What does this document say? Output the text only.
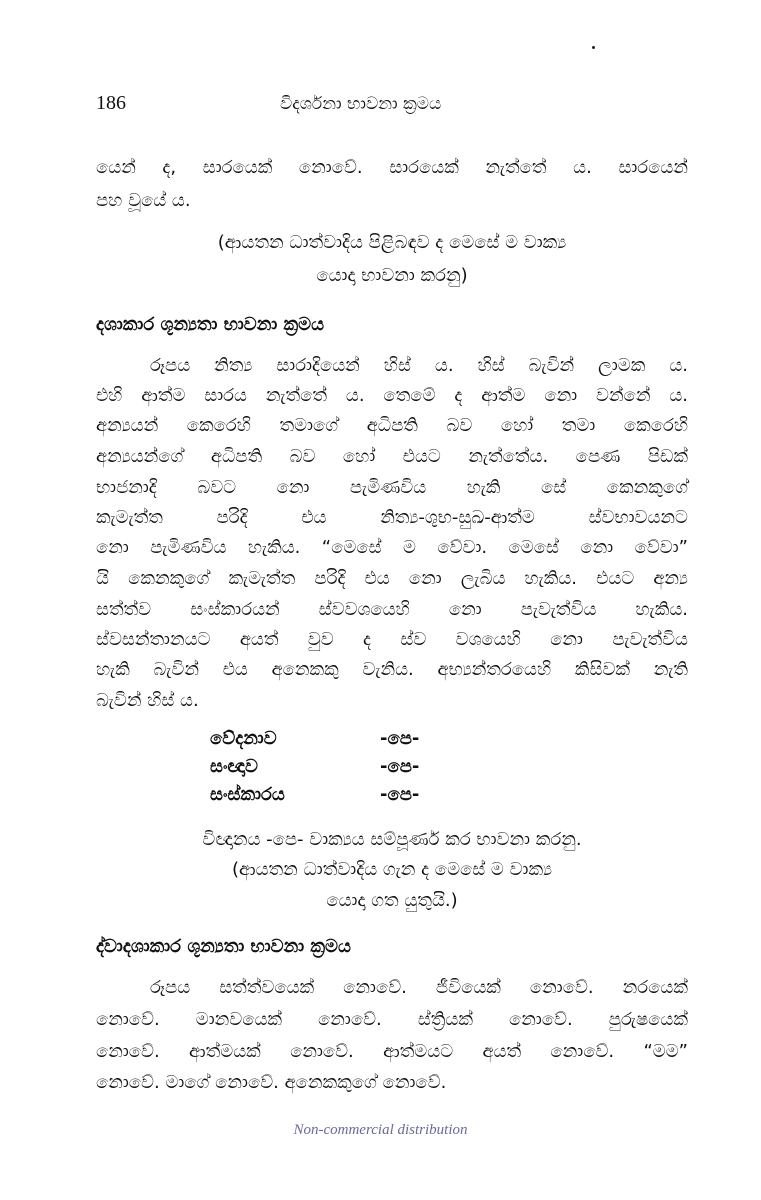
186	විදර්ශනා භාවනා ක්‍රමය
යෙන් ද, සාරයෙක් නොවේ. සාරයෙක් නැත්තේ ය. සාරයෙන්
පහ වූයේ ය.
(ආයතන ධාත්වාදිය පිළිබඳව ද මෙසේ ම වාක්‍ය
යොදා භාවනා කරනු)
දශාකාර ශූන්‍යතා භාවනා ක්‍රමය
රූපය නිත්‍ය සාරාදියෙන් හිස් ය. හිස් බැවින් ලාමක ය.
එහි ආත්ම සාරය නැත්තේ ය. තෙමේ ද ආත්ම නො වන්නේ ය.
අන්‍යයන් කෙරෙහි තමාගේ අධිපති බව හෝ තමා කෙරෙහි
අන්‍යයන්ගේ අධිපති බව හෝ එයට නැත්තේය. පෙණ පිඩක්
භාජනාදි බවට නො පැමිණවිය හැකි සේ කෙනකුගේ
කැමැත්ත පරිදි එය නිත්‍ය-ශුභ-සුඛ-ආත්ම ස්වභාවයනට
නො පැමිණවිය හැකිය. “මෙසේ ම වේවා. මෙසේ නො වේවා”
යි කෙනකුගේ කැමැත්ත පරිදි එය නො ලැබිය හැකිය. එයට අන්‍ය
සත්ත්ව සංස්කාරයන් ස්වවශයෙහි නො පැවැත්විය හැකිය.
ස්වසන්තානයට අයත් වුව ද ස්ව වශයෙහි නො පැවැත්විය
හැකි බැවින් එය අනෙකකු වැනිය. අභ්‍යන්තරයෙහි කිසිවක් නැති
බැවින් හිස් ය.
වේදනාව	-පෙ-
සංඥාව	-පෙ-
සංස්කාරය	-පෙ-
විඥානය -පෙ- වාක්‍යය සම්පූර්ණ කර භාවනා කරනු.
(ආයතන ධාත්වාදිය ගැන ද මෙසේ ම වාක්‍ය
යොදා ගත යුතුයි.)
ද්වාදශාකාර ශූන්‍යතා භාවනා ක්‍රමය
රූපය සත්ත්වයෙක් නොවේ. ජීවියෙක් නොවේ. නරයෙක්
නොවේ. මානවයෙක් නොවේ. ස්ත්‍රියක් නොවේ. පුරුෂයෙක්
නොවේ. ආත්මයක් නොවේ. ආත්මයට අයත් නොවේ. “මම”
නොවේ. මාගේ නොවේ. අනෙකකුගේ නොවේ.
Non-commercial distribution
